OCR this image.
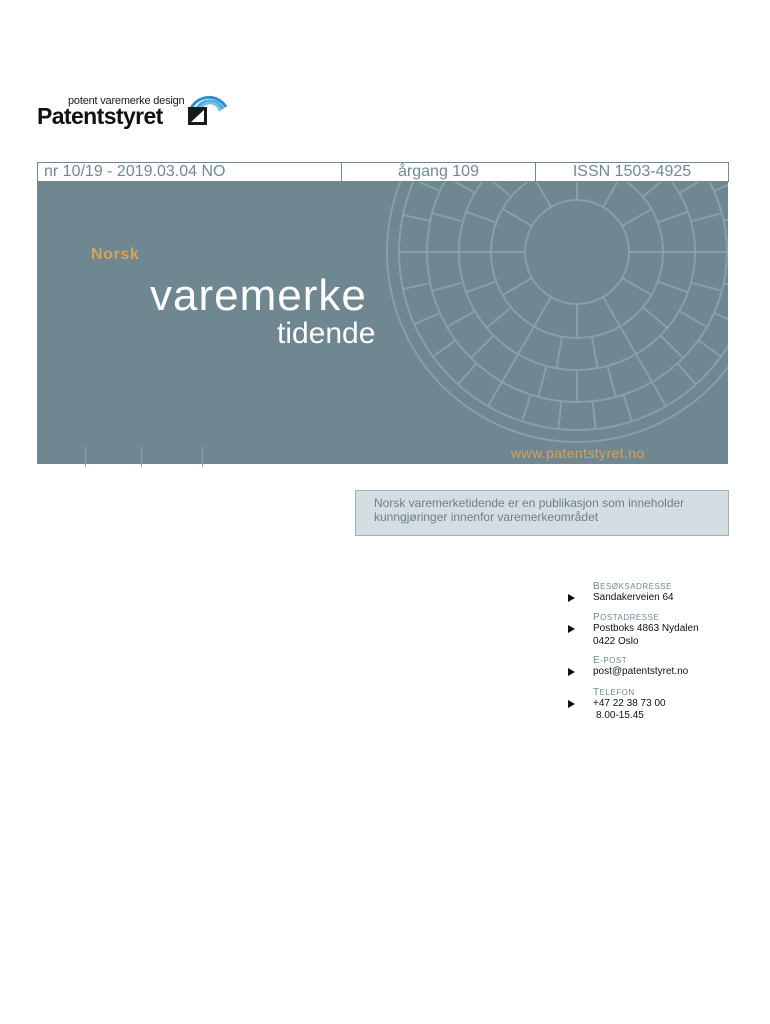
potent varemerke design
Patentstyret
nr 10/19 - 2019.03.04 NO	årgang 109	ISSN 1503-4925
Norsk
varemerke
tidende
www.patentstyret.no
Norsk varemerketidende er en publikasjon som inneholder kunngjøringer innenfor varemerkeområdet
BESØKSADRESSE
Sandakerveien 64
POSTADRESSE
Postboks 4863 Nydalen
0422 Oslo
E-POST
post@patentstyret.no
TELEFON
+47 22 38 73 00
8.00-15.45
